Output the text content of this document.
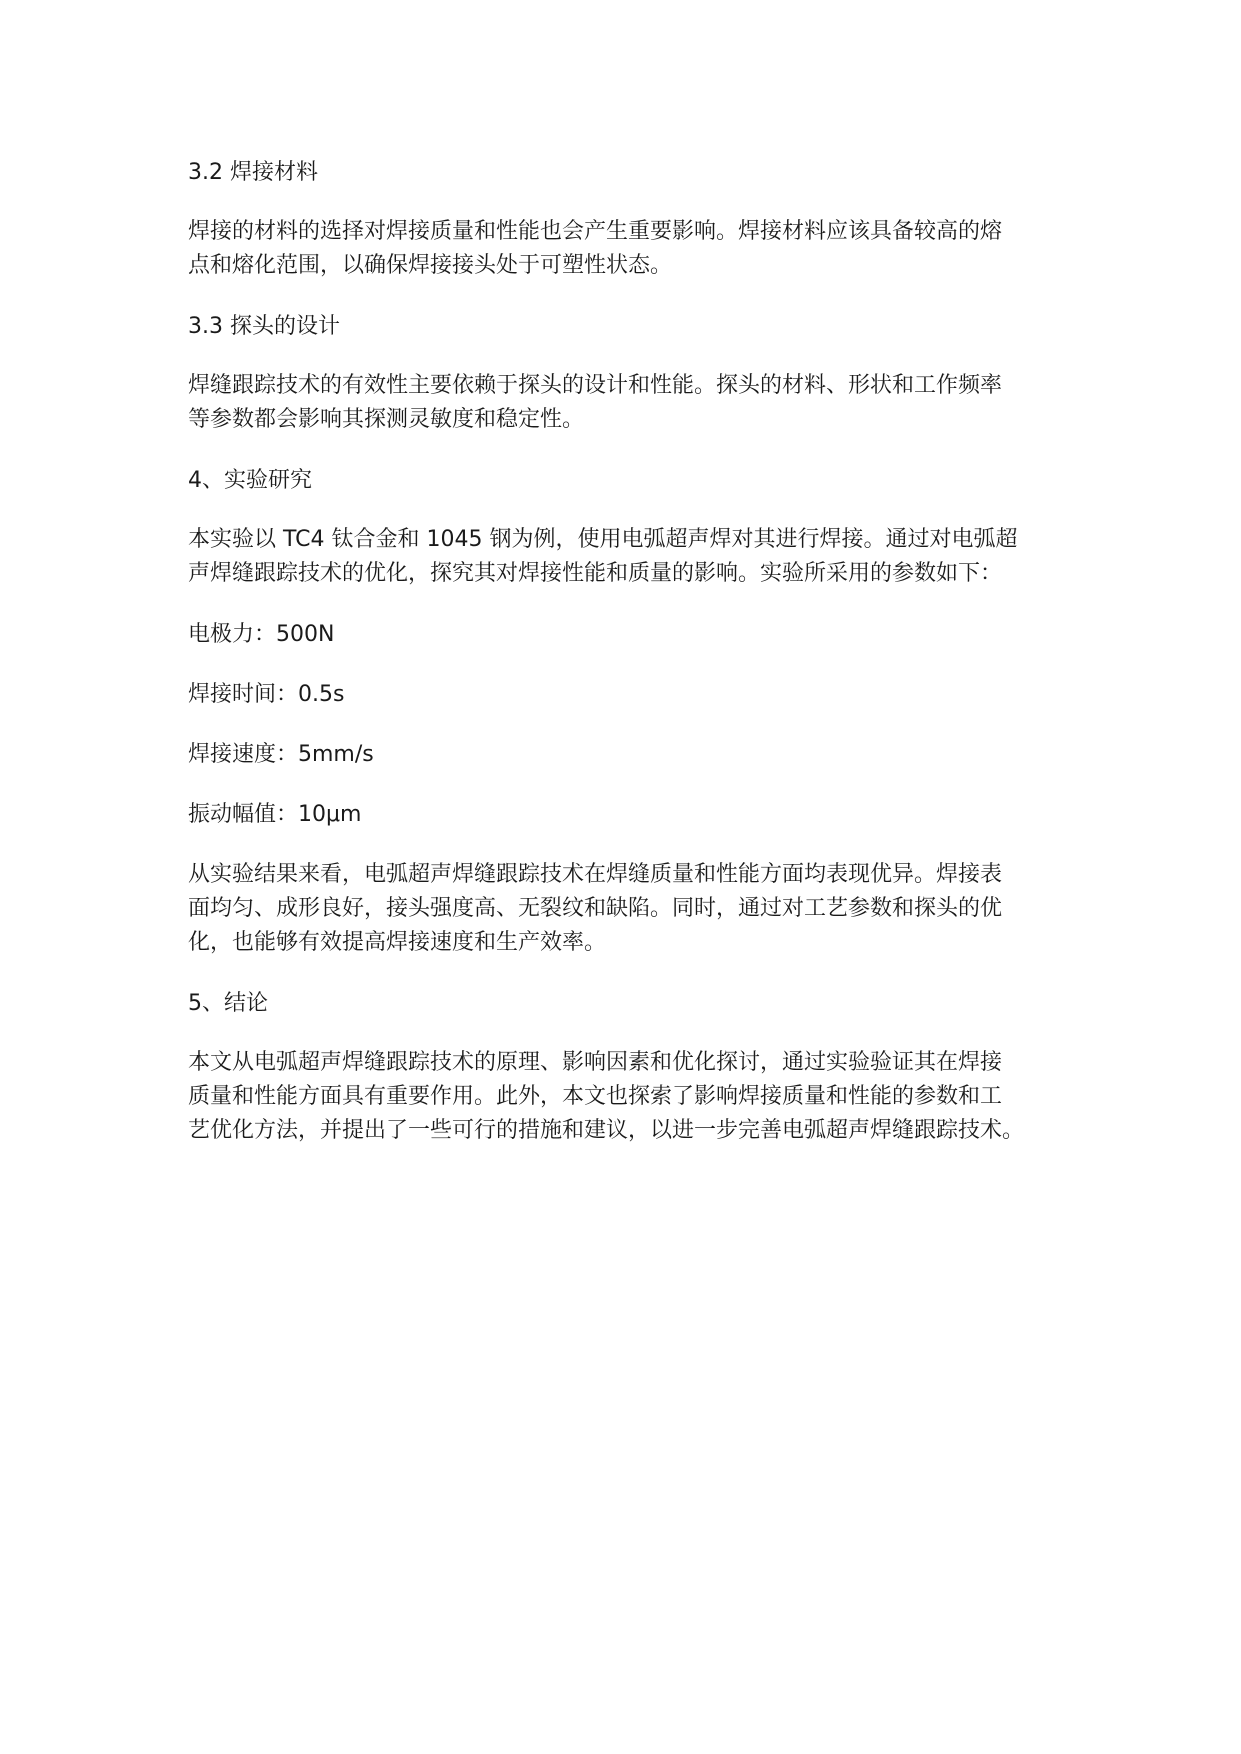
3.2 焊接材料

焊接的材料的选择对焊接质量和性能也会产生重要影响。焊接材料应该具备较高的熔
点和熔化范围，以确保焊接接头处于可塑性状态。

3.3 探头的设计

焊缝跟踪技术的有效性主要依赖于探头的设计和性能。探头的材料、形状和工作频率
等参数都会影响其探测灵敏度和稳定性。

4、实验研究

本实验以 TC4 钛合金和 1045 钢为例，使用电弧超声焊对其进行焊接。通过对电弧超
声焊缝跟踪技术的优化，探究其对焊接性能和质量的影响。实验所采用的参数如下：

电极力：500N

焊接时间：0.5s

焊接速度：5mm/s

振动幅值：10μm

从实验结果来看，电弧超声焊缝跟踪技术在焊缝质量和性能方面均表现优异。焊接表
面均匀、成形良好，接头强度高、无裂纹和缺陷。同时，通过对工艺参数和探头的优
化，也能够有效提高焊接速度和生产效率。

5、结论

本文从电弧超声焊缝跟踪技术的原理、影响因素和优化探讨，通过实验验证其在焊接
质量和性能方面具有重要作用。此外，本文也探索了影响焊接质量和性能的参数和工
艺优化方法，并提出了一些可行的措施和建议，以进一步完善电弧超声焊缝跟踪技术。
